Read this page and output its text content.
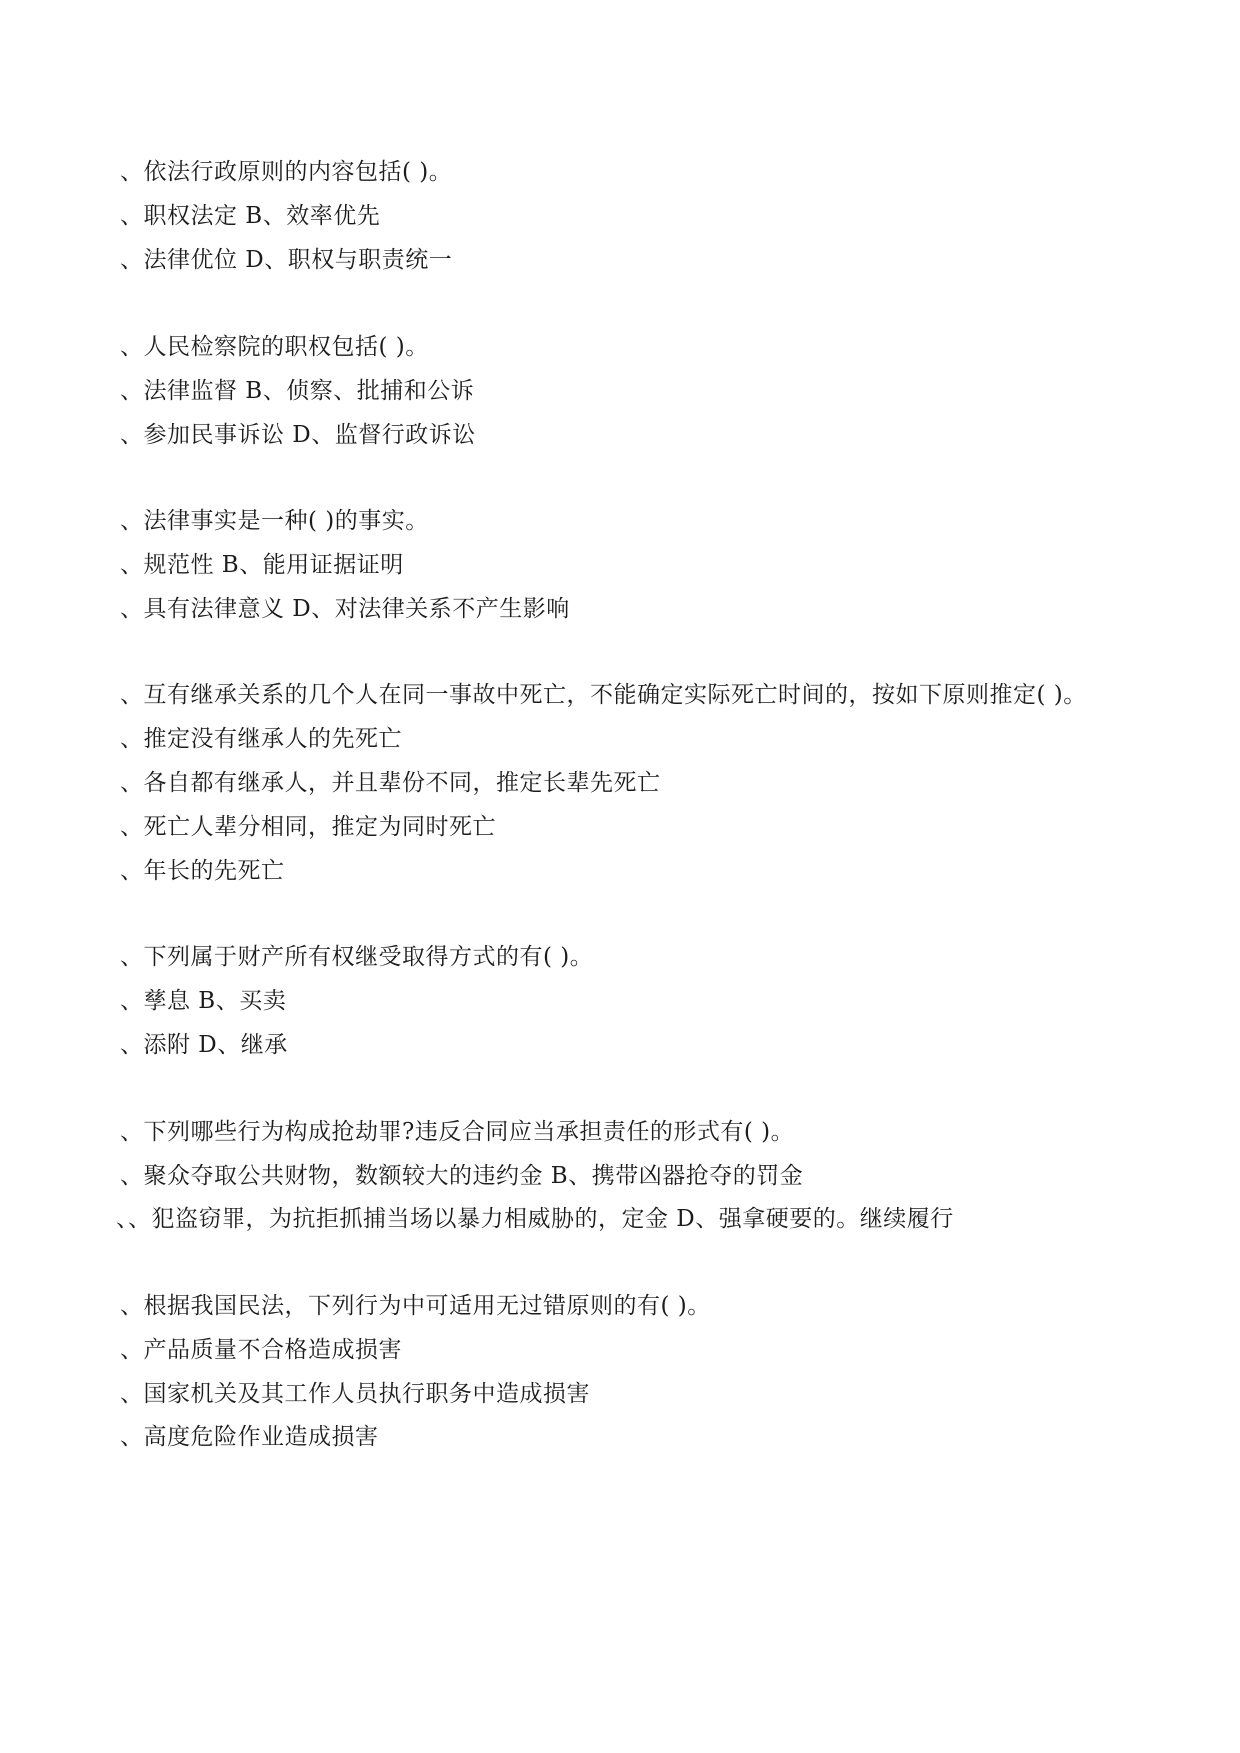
、依法行政原则的内容包括( )。
、职权法定 B、效率优先
、法律优位 D、职权与职责统一
、人民检察院的职权包括( )。
、法律监督 B、侦察、批捕和公诉
、参加民事诉讼 D、监督行政诉讼
、法律事实是一种( )的事实。
、规范性 B、能用证据证明
、具有法律意义 D、对法律关系不产生影响
、互有继承关系的几个人在同一事故中死亡，不能确定实际死亡时间的，按如下原则推定( )。
、推定没有继承人的先死亡
、各自都有继承人，并且辈份不同，推定长辈先死亡
、死亡人辈分相同，推定为同时死亡
、年长的先死亡
、下列属于财产所有权继受取得方式的有( )。
、孳息 B、买卖
、添附 D、继承
、下列哪些行为构成抢劫罪?违反合同应当承担责任的形式有( )。
、聚众夺取公共财物，数额较大的违约金 B、携带凶器抢夺的罚金
、、犯盗窃罪，为抗拒抓捕当场以暴力相威胁的，定金 D、强拿硬要的。继续履行
、根据我国民法，下列行为中可适用无过错原则的有( )。
、产品质量不合格造成损害
、国家机关及其工作人员执行职务中造成损害
、高度危险作业造成损害
